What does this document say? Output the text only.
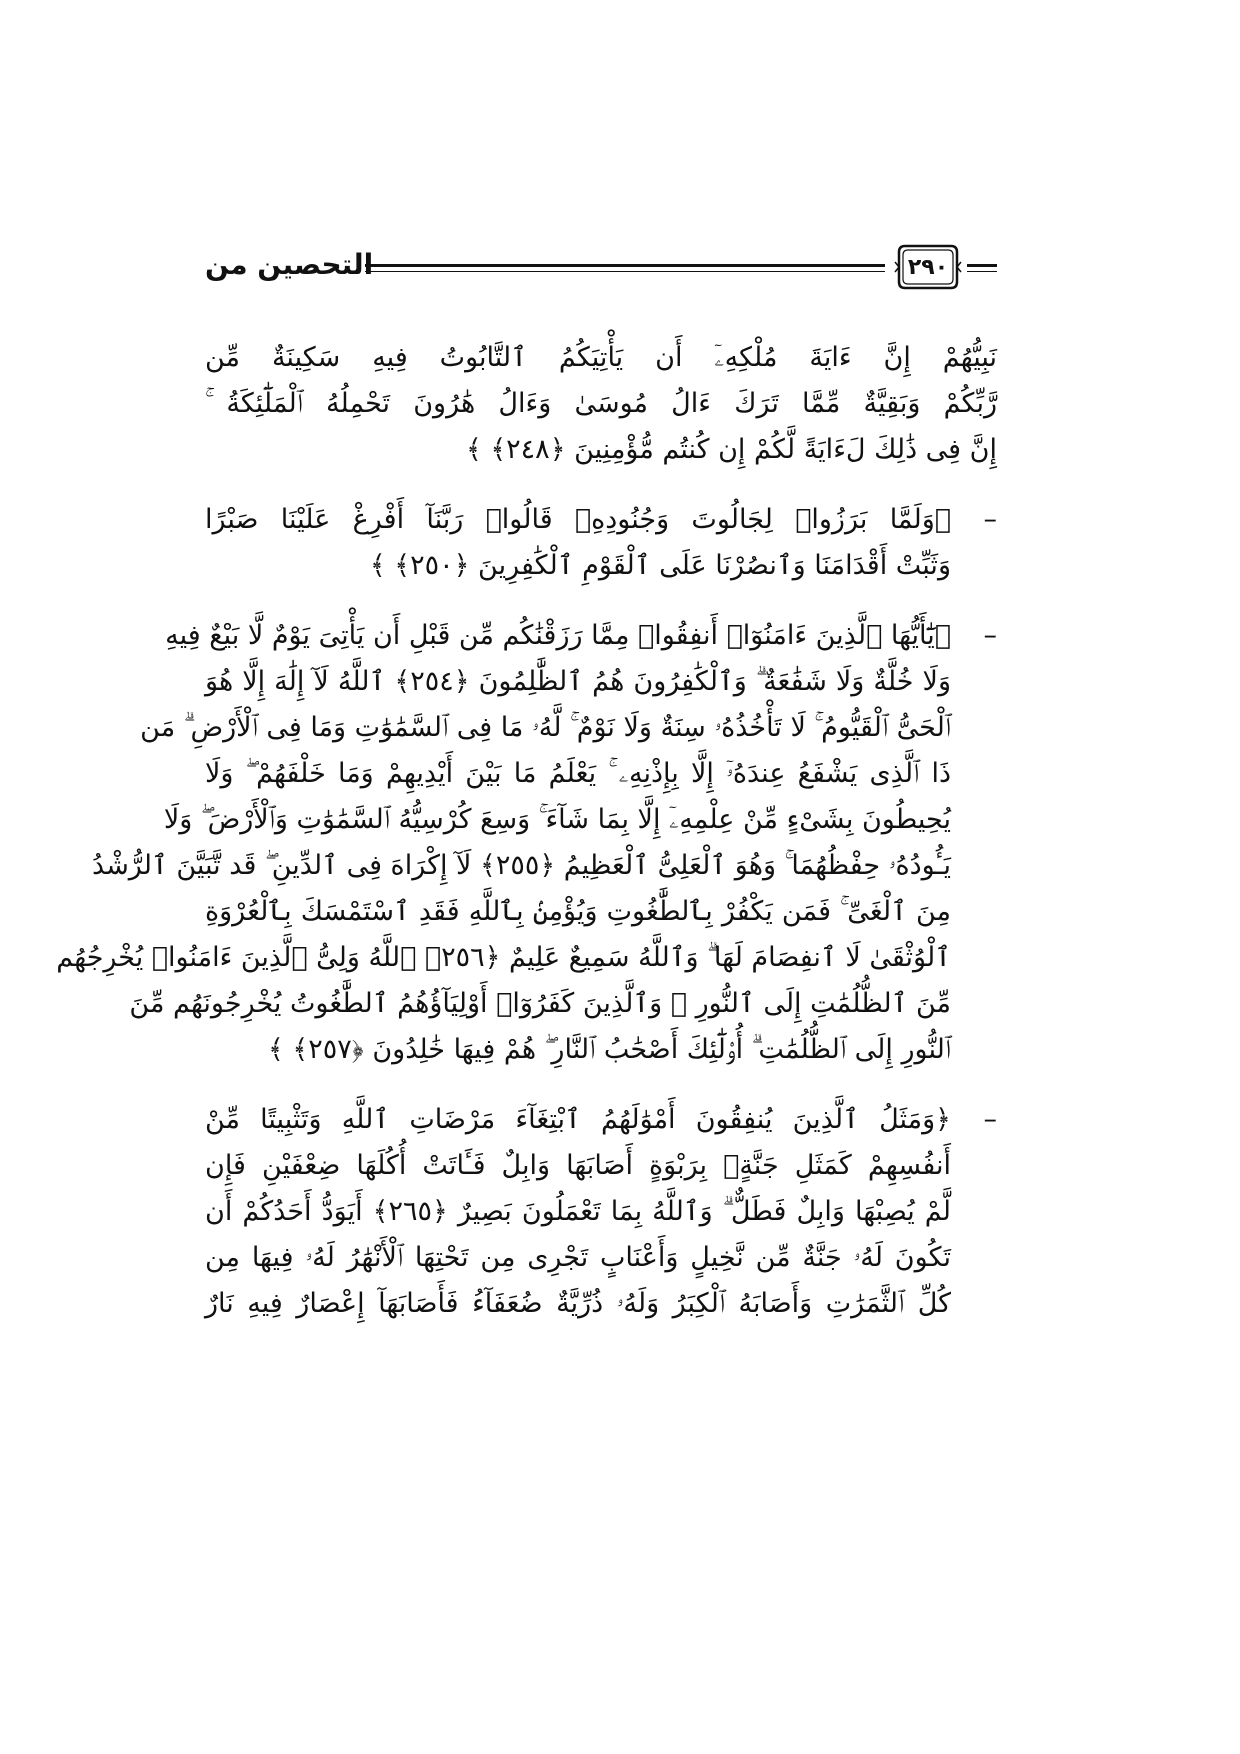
التحصين من	٢٩٠
نَبِيُّهُمْ إِنَّ ءَايَةَ مُلْكِهِۦٓ أَن يَأْتِيَكُمُ ٱلتَّابُوتُ فِيهِ سَكِينَةٌ مِّن
رَّبِّكُمْ وَبَقِيَّةٌ مِّمَّا تَرَكَ ءَالُ مُوسَىٰ وَءَالُ هَٰرُونَ تَحْمِلُهُ ٱلْمَلَٰٓئِكَةُ ۚ
إِنَّ فِى ذَٰلِكَ لَءَايَةً لَّكُمْ إِن كُنتُم مُّؤْمِنِينَ ﴿٢٤٨﴾ ﴾
–
﴿وَلَمَّا بَرَزُوا۟ لِجَالُوتَ وَجُنُودِهِۦ قَالُوا۟ رَبَّنَآ أَفْرِغْ عَلَيْنَا صَبْرًا
وَثَبِّتْ أَقْدَامَنَا وَٱنصُرْنَا عَلَى ٱلْقَوْمِ ٱلْكَٰفِرِينَ ﴿٢٥٠﴾ ﴾
–
﴿يَٰٓأَيُّهَا ٱلَّذِينَ ءَامَنُوٓا۟ أَنفِقُوا۟ مِمَّا رَزَقْنَٰكُم مِّن قَبْلِ أَن يَأْتِىَ يَوْمٌ لَّا بَيْعٌ فِيهِ
وَلَا خُلَّةٌ وَلَا شَفَٰعَةٌ ۗ وَٱلْكَٰفِرُونَ هُمُ ٱلظَّٰلِمُونَ ﴿٢٥٤﴾ ٱللَّهُ لَآ إِلَٰهَ إِلَّا هُوَ
ٱلْحَىُّ ٱلْقَيُّومُ ۚ لَا تَأْخُذُهُۥ سِنَةٌ وَلَا نَوْمٌ ۚ لَّهُۥ مَا فِى ٱلسَّمَٰوَٰتِ وَمَا فِى ٱلْأَرْضِ ۗ مَن
ذَا ٱلَّذِى يَشْفَعُ عِندَهُۥٓ إِلَّا بِإِذْنِهِۦ ۚ يَعْلَمُ مَا بَيْنَ أَيْدِيهِمْ وَمَا خَلْفَهُمْ ۖ وَلَا
يُحِيطُونَ بِشَىْءٍ مِّنْ عِلْمِهِۦٓ إِلَّا بِمَا شَآءَ ۚ وَسِعَ كُرْسِيُّهُ ٱلسَّمَٰوَٰتِ وَٱلْأَرْضَ ۖ وَلَا
يَـُٔودُهُۥ حِفْظُهُمَا ۚ وَهُوَ ٱلْعَلِىُّ ٱلْعَظِيمُ ﴿٢٥٥﴾ لَآ إِكْرَاهَ فِى ٱلدِّينِ ۖ قَد تَّبَيَّنَ ٱلرُّشْدُ
مِنَ ٱلْغَىِّ ۚ فَمَن يَكْفُرْ بِٱلطَّٰغُوتِ وَيُؤْمِنۢ بِٱللَّهِ فَقَدِ ٱسْتَمْسَكَ بِٱلْعُرْوَةِ
ٱلْوُثْقَىٰ لَا ٱنفِصَامَ لَهَا ۗ وَٱللَّهُ سَمِيعٌ عَلِيمٌ ﴿٢٥٦﴾ ٱللَّهُ وَلِىُّ ٱلَّذِينَ ءَامَنُوا۟ يُخْرِجُهُم
مِّنَ ٱلظُّلُمَٰتِ إِلَى ٱلنُّورِ ۖ وَٱلَّذِينَ كَفَرُوٓا۟ أَوْلِيَآؤُهُمُ ٱلطَّٰغُوتُ يُخْرِجُونَهُم مِّنَ
ٱلنُّورِ إِلَى ٱلظُّلُمَٰتِ ۗ أُو۟لَٰٓئِكَ أَصْحَٰبُ ٱلنَّارِ ۖ هُمْ فِيهَا خَٰلِدُونَ ﴿٢٥٧﴾ ﴾
–
﴿وَمَثَلُ ٱلَّذِينَ يُنفِقُونَ أَمْوَٰلَهُمُ ٱبْتِغَآءَ مَرْضَاتِ ٱللَّهِ وَتَثْبِيتًا مِّنْ
أَنفُسِهِمْ كَمَثَلِ جَنَّةٍۭ بِرَبْوَةٍ أَصَابَهَا وَابِلٌ فَـَٔاتَتْ أُكُلَهَا ضِعْفَيْنِ فَإِن
لَّمْ يُصِبْهَا وَابِلٌ فَطَلٌّ ۗ وَٱللَّهُ بِمَا تَعْمَلُونَ بَصِيرٌ ﴿٢٦٥﴾ أَيَوَدُّ أَحَدُكُمْ أَن
تَكُونَ لَهُۥ جَنَّةٌ مِّن نَّخِيلٍ وَأَعْنَابٍ تَجْرِى مِن تَحْتِهَا ٱلْأَنْهَٰرُ لَهُۥ فِيهَا مِن
كُلِّ ٱلثَّمَرَٰتِ وَأَصَابَهُ ٱلْكِبَرُ وَلَهُۥ ذُرِّيَّةٌ ضُعَفَآءُ فَأَصَابَهَآ إِعْصَارٌ فِيهِ نَارٌ
